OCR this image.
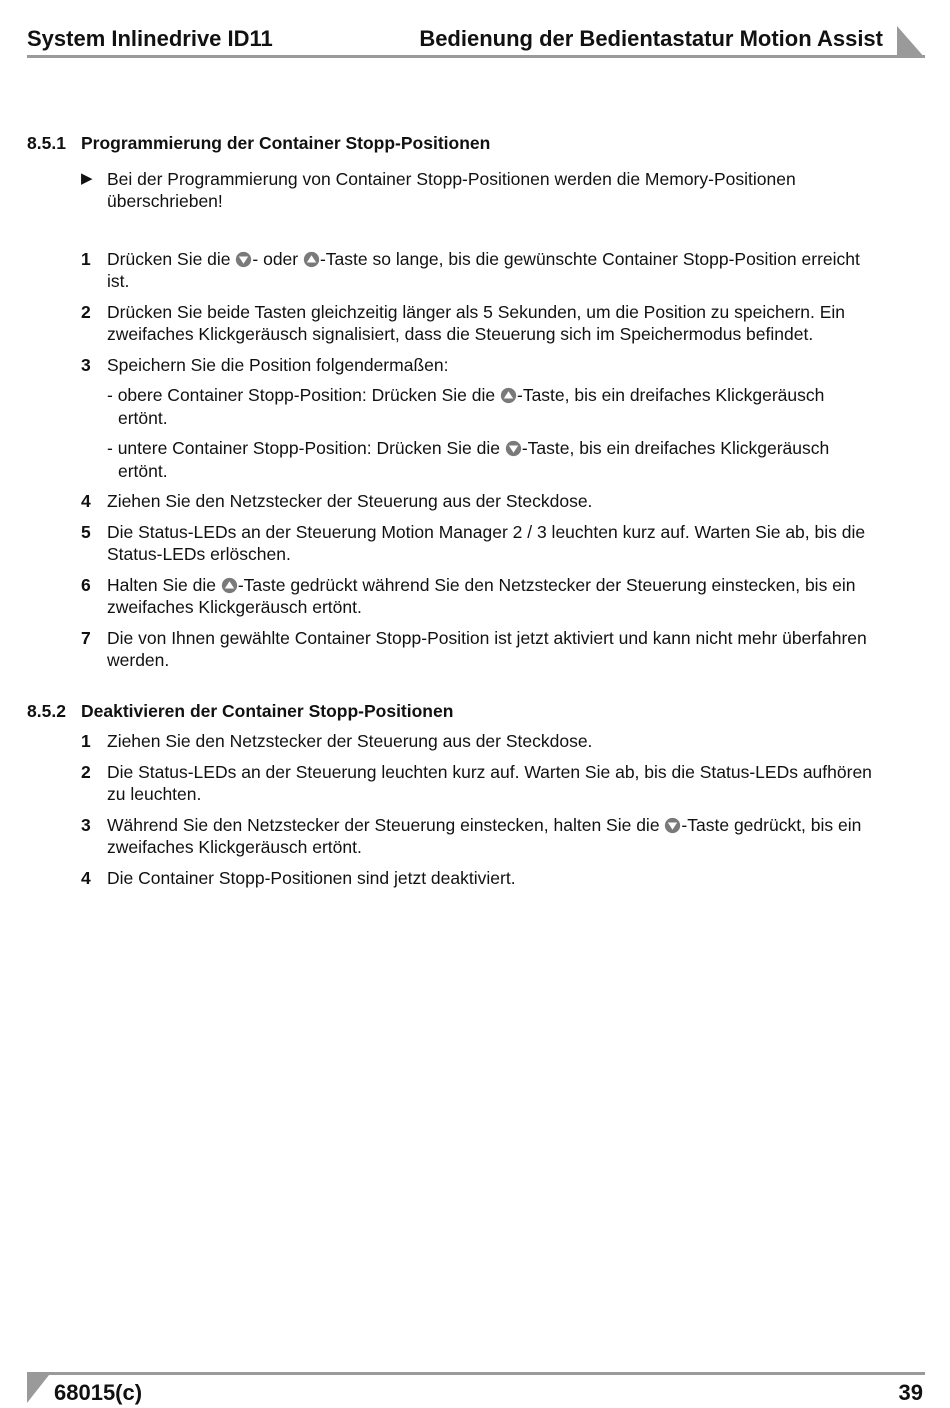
System Inlinedrive ID11	Bedienung der Bedientastatur Motion Assist
8.5.1 Programmierung der Container Stopp-Positionen
▶ Bei der Programmierung von Container Stopp-Positionen werden die Memory-Positionen überschrieben!
1 Drücken Sie die - oder -Taste so lange, bis die gewünschte Container Stopp-Position erreicht ist.
2 Drücken Sie beide Tasten gleichzeitig länger als 5 Sekunden, um die Position zu speichern. Ein zweifaches Klickgeräusch signalisiert, dass die Steuerung sich im Speichermodus befindet.
3 Speichern Sie die Position folgendermaßen:
- obere Container Stopp-Position: Drücken Sie die -Taste, bis ein dreifaches Klickgeräusch ertönt.
- untere Container Stopp-Position: Drücken Sie die -Taste, bis ein dreifaches Klickgeräusch ertönt.
4 Ziehen Sie den Netzstecker der Steuerung aus der Steckdose.
5 Die Status-LEDs an der Steuerung Motion Manager 2 / 3 leuchten kurz auf. Warten Sie ab, bis die Status-LEDs erlöschen.
6 Halten Sie die -Taste gedrückt während Sie den Netzstecker der Steuerung einstecken, bis ein zweifaches Klickgeräusch ertönt.
7 Die von Ihnen gewählte Container Stopp-Position ist jetzt aktiviert und kann nicht mehr überfahren werden.
8.5.2 Deaktivieren der Container Stopp-Positionen
1 Ziehen Sie den Netzstecker der Steuerung aus der Steckdose.
2 Die Status-LEDs an der Steuerung leuchten kurz auf. Warten Sie ab, bis die Status-LEDs aufhören zu leuchten.
3 Während Sie den Netzstecker der Steuerung einstecken, halten Sie die -Taste gedrückt, bis ein zweifaches Klickgeräusch ertönt.
4 Die Container Stopp-Positionen sind jetzt deaktiviert.
68015(c)	39
